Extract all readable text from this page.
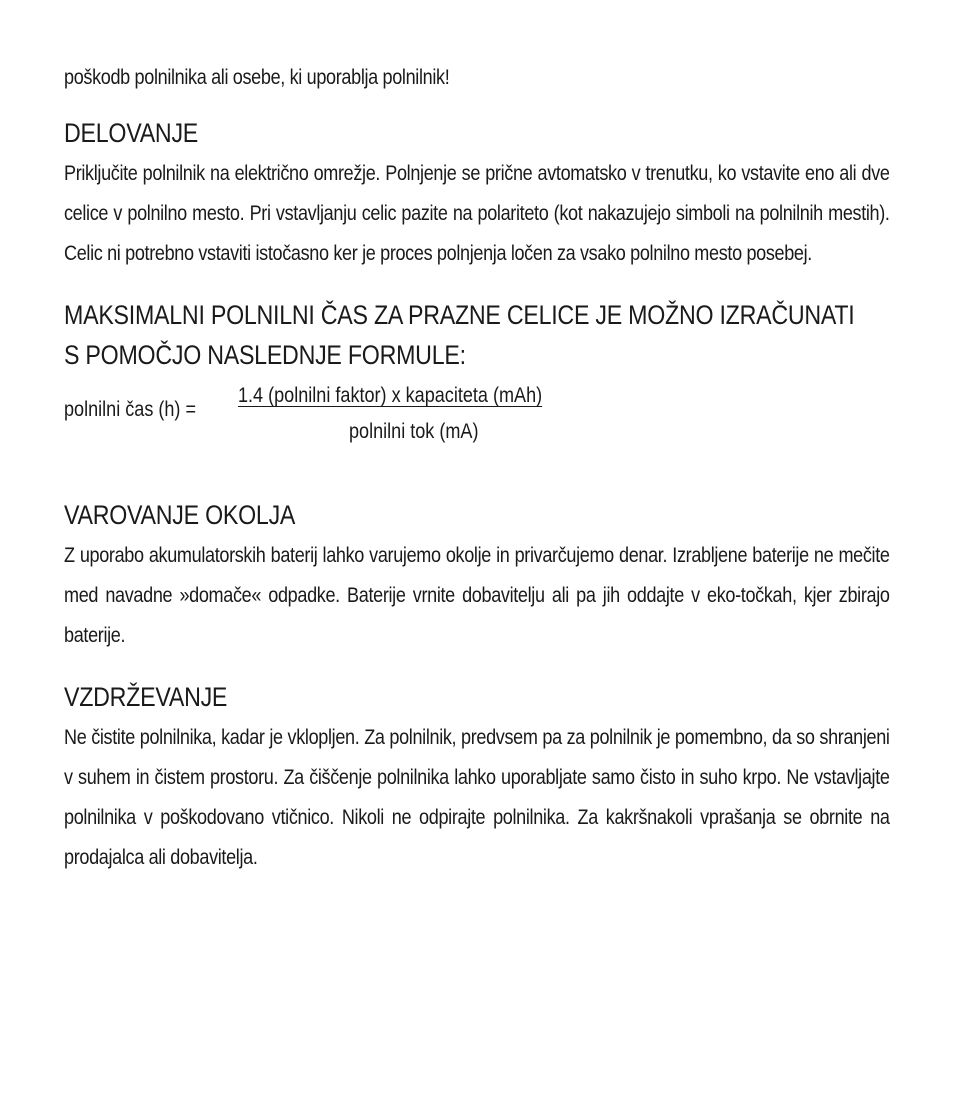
poškodb polnilnika ali osebe, ki uporablja polnilnik!

DELOVANJE

Priključite polnilnik na električno omrežje. Polnjenje se prične avtomatsko v trenutku, ko vstavite eno ali dve celice v polnilno mesto. Pri vstavljanju celic pazite na polariteto (kot nakazujejo simboli na polnilnih mestih). Celic ni potrebno vstaviti istočasno ker je proces polnjenja ločen za vsako polnilno mesto posebej.

MAKSIMALNI POLNILNI ČAS ZA PRAZNE CELICE JE MOŽNO IZRAČUNATI
S POMOČJO NASLEDNJE FORMULE:
polnilni čas (h) =
1.4 (polnilni faktor) x kapaciteta (mAh)
polnilni tok (mA)
VAROVANJE OKOLJA

Z uporabo akumulatorskih baterij lahko varujemo okolje in privarčujemo denar. Izrabljene baterije ne mečite med navadne »domače« odpadke. Baterije vrnite dobavitelju ali pa jih oddajte v eko-točkah, kjer zbirajo baterije.

VZDRŽEVANJE

Ne čistite polnilnika, kadar je vklopljen. Za polnilnik, predvsem pa za polnilnik je pomembno, da so shranjeni v suhem in čistem prostoru. Za čiščenje polnilnika lahko uporabljate samo čisto in suho krpo. Ne vstavljajte polnilnika v poškodovano vtičnico. Nikoli ne odpirajte polnilnika. Za kakršnakoli vprašanja se obrnite na prodajalca ali dobavitelja.
